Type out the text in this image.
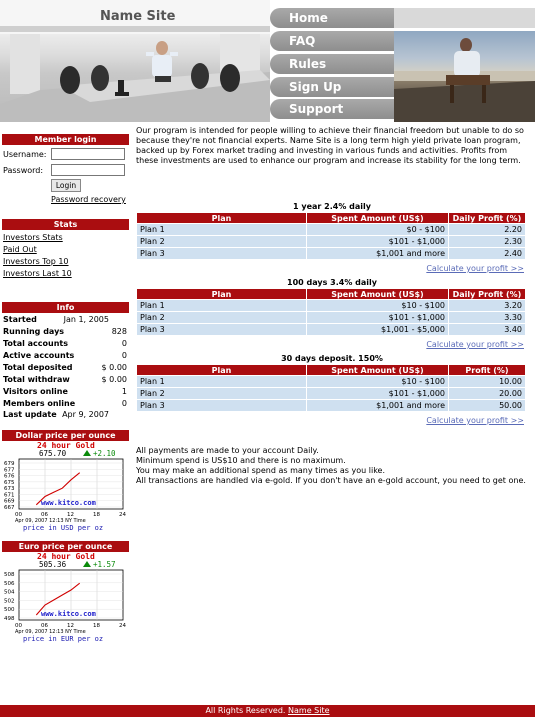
Name Site	Home
FAQ
Rules
Sign Up
Support
Member login
Username:
Password:
Login
Password recovery
Stats
Investors Stats
Paid Out
Investors Top 10
Investors Last 10
Info
Started	Jan 1, 2005
Running days	828
Total accounts	0
Active accounts	0
Total deposited	$ 0.00
Total withdraw	$ 0.00
Visitors online	1
Members online	0
Last update Apr 9, 2007
Dollar price per ounce
24 hour Gold
675.70	+2.10
679
677
676
675
673
671
669
667
00	06	12	18	24
www.kitco.com
Apr 09, 2007 12:13 NY Time
price in USD per oz
Euro price per ounce
24 hour Gold
505.36	+1.57
508
506
504
502
500
498
00	06	12	18	24
www.kitco.com
Apr 09, 2007 12:13 NY Time
price in EUR per oz
Our program is intended for people willing to achieve their financial freedom but unable to do so because they're not financial experts. Name Site is a long term high yield private loan program, backed up by Forex market trading and investing in various funds and activities. Profits from these investments are used to enhance our program and increase its stability for the long term.
1 year 2.4% daily
Plan	Spent Amount (US$)	Daily Profit (%)
Plan 1	$0 - $100	2.20
Plan 2	$101 - $1,000	2.30
Plan 3	$1,001 and more	2.40
Calculate your profit >>
100 days 3.4% daily
Plan	Spent Amount (US$)	Daily Profit (%)
Plan 1	$10 - $100	3.20
Plan 2	$101 - $1,000	3.30
Plan 3	$1,001 - $5,000	3.40
Calculate your profit >>
30 days deposit. 150%
Plan	Spent Amount (US$)	Profit (%)
Plan 1	$10 - $100	10.00
Plan 2	$101 - $1,000	20.00
Plan 3	$1,001 and more	50.00
Calculate your profit >>
All payments are made to your account Daily.
Minimum spend is US$10 and there is no maximum.
You may make an additional spend as many times as you like.
All transactions are handled via e-gold. If you don't have an e-gold account, you need to get one.
All Rights Reserved. Name Site
